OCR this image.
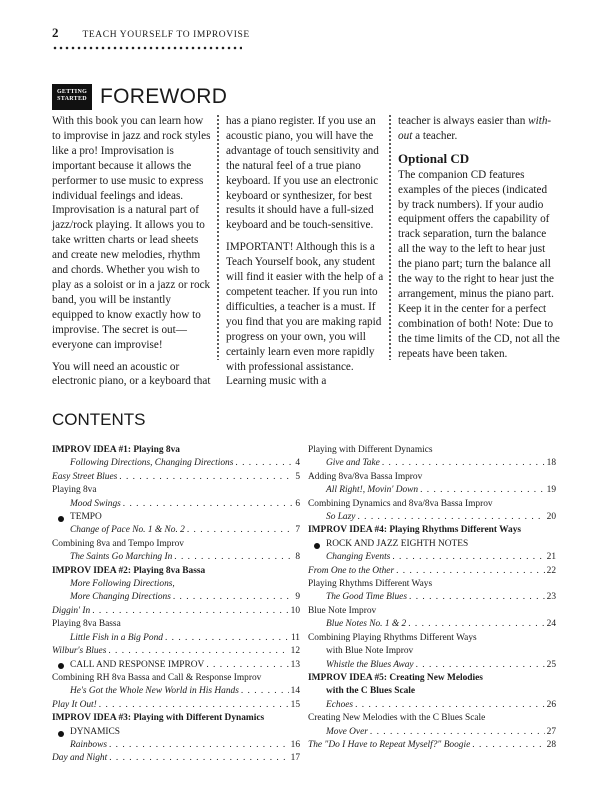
2	TEACH YOURSELF TO IMPROVISE
GETTING STARTED FOREWORD

With this book you can learn how to improvise in jazz and rock styles like a pro! Improvisation is important because it allows the performer to use music to express individual feelings and ideas. Improvisation is a natural part of jazz/rock playing. It allows you to take written charts or lead sheets and create new melodies, rhythm and chords. Whether you wish to play as a soloist or in a jazz or rock band, you will be instantly equipped to know exactly how to improvise. The secret is out—everyone can improvise!

You will need an acoustic or electronic piano, or a keyboard that

has a piano register. If you use an acoustic piano, you will have the advantage of touch sensitivity and the natural feel of a true piano keyboard. If you use an electronic keyboard or synthesizer, for best results it should have a full-sized keyboard and be touch-sensitive.

IMPORTANT! Although this is a Teach Yourself book, any student will find it easier with the help of a competent teacher. If you run into difficulties, a teacher is a must. If you find that you are making rapid progress on your own, you will certainly learn even more rapidly with professional assistance. Learning music with a

teacher is always easier than with-out a teacher.

Optional CD

The companion CD features examples of the pieces (indicated by track numbers). If your audio equipment offers the capability of track separation, turn the balance all the way to the left to hear just the piano part; turn the balance all the way to the right to hear just the arrangement, minus the piano part. Keep it in the center for a perfect combination of both! Note: Due to the time limits of the CD, not all the repeats have been taken.

CONTENTS
IMPROV IDEA #1: Playing 8va
Following Directions, Changing Directions . . .	4
Easy Street Blues . . .	5
Playing 8va
Mood Swings . . .	6
TEMPO
Change of Pace No. 1 & No. 2 . . .	7
Combining 8va and Tempo Improv
The Saints Go Marching In . . .	8
IMPROV IDEA #2: Playing 8va Bassa
More Following Directions,
More Changing Directions . . .	9
Diggin' In . . .	10
Playing 8va Bassa
Little Fish in a Big Pond . . .	11
Wilbur's Blues . . .	12
CALL AND RESPONSE IMPROV . . .	13
Combining RH 8va Bassa and Call & Response Improv
He's Got the Whole New World in His Hands . . .	14
Play It Out! . . .	15
IMPROV IDEA #3: Playing with Different Dynamics
DYNAMICS
Rainbows . . .	16
Day and Night . . .	17
Playing with Different Dynamics
Give and Take . . .	18
Adding 8va/8va Bassa Improv
All Right!, Movin' Down . . .	19
Combining Dynamics and 8va/8va Bassa Improv
So Lazy . . .	20
IMPROV IDEA #4: Playing Rhythms Different Ways
ROCK AND JAZZ EIGHTH NOTES
Changing Events . . .	21
From One to the Other . . .	22
Playing Rhythms Different Ways
The Good Time Blues . . .	23
Blue Note Improv
Blue Notes No. 1 & 2 . . .	24
Combining Playing Rhythms Different Ways
with Blue Note Improv
Whistle the Blues Away . . .	25
IMPROV IDEA #5: Creating New Melodies
with the C Blues Scale
Echoes . . .	26
Creating New Melodies with the C Blues Scale
Move Over . . .	27
The "Do I Have to Repeat Myself?" Boogie . . .	28
